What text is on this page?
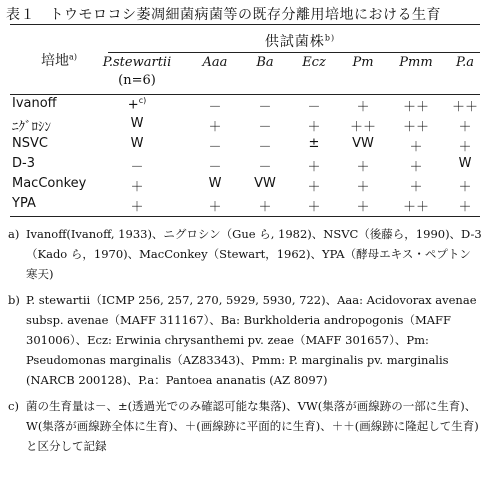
表１　トウモロコシ萎凋細菌病菌等の既存分離用培地における生育
培地$^{a)}$
供試菌株$^{b)}$
P.stewartii
(n=6)
Aaa	Ba	Ecz	Pm	Pmm	P.a
Ivanoff	+$^{c)}$	－	－	－	＋	＋＋	＋＋
ﾆｸﾞﾛｼﾝ	W	＋	－	＋	＋＋	＋＋	＋
NSVC	W	－	－	±	VW	＋	＋
D-3	－	－	－	＋	＋	＋	W
MacConkey	＋	W	VW	＋	＋	＋	＋
YPA	＋	＋	＋	＋	＋	＋＋	＋
a) Ivanoff(Ivanoff, 1933)、ニグロシン（Gue ら, 1982)、NSVC（後藤ら，1990)、D-3（Kado ら，1970)、MacConkey（Stewart，1962)、YPA（酵母エキス・ペプトン寒天)
b) P. stewartii（ICMP 256, 257, 270, 5929, 5930, 722)、Aaa: Acidovorax avenae subsp. avenae（MAFF 311167）、Ba: Burkholderia andropogonis（MAFF 301006）、Ecz: Erwinia chrysanthemi pv. zeae（MAFF 301657）、Pm: Pseudomonas marginalis（AZ83343)、Pmm: P. marginalis pv. marginalis (NARCB 200128)、P.a：Pantoea ananatis (AZ 8097)
c) 菌の生育量は－、±(透過光でのみ確認可能な集落)、VW(集落が画線跡の一部に生育)、W(集落が画線跡全体に生育)、＋(画線跡に平面的に生育)、＋＋(画線跡に隆起して生育)と区分して記録
